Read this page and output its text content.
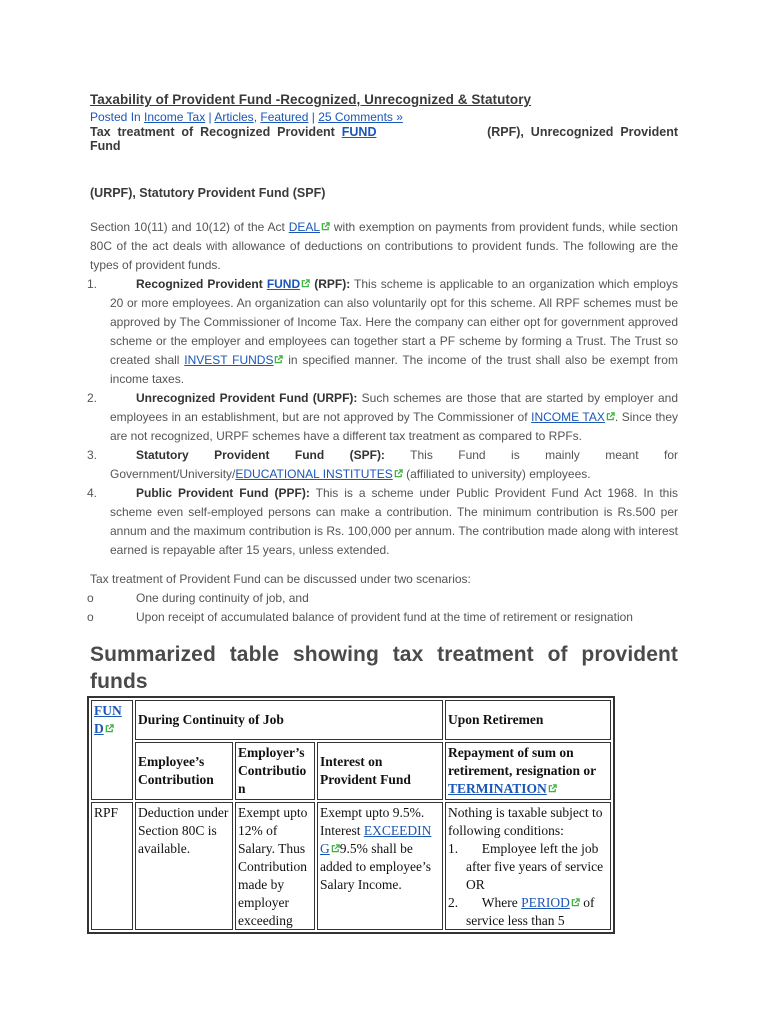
Taxability of Provident Fund -Recognized, Unrecognized & Statutory
Posted In Income Tax | Articles, Featured | 25 Comments »
Tax treatment of Recognized Provident FUND	(RPF), Unrecognized Provident Fund
(URPF), Statutory Provident Fund (SPF)
Section 10(11) and 10(12) of the Act DEAL with exemption on payments from provident funds, while section 80C of the act deals with allowance of deductions on contributions to provident funds. The following are the types of provident funds.
1.	Recognized Provident FUND (RPF): This scheme is applicable to an organization which employs 20 or more employees. An organization can also voluntarily opt for this scheme. All RPF schemes must be approved by The Commissioner of Income Tax. Here the company can either opt for government approved scheme or the employer and employees can together start a PF scheme by forming a Trust. The Trust so created shall INVEST FUNDS in specified manner. The income of the trust shall also be exempt from income taxes.
2.	Unrecognized Provident Fund (URPF): Such schemes are those that are started by employer and employees in an establishment, but are not approved by The Commissioner of INCOME TAX . Since they are not recognized, URPF schemes have a different tax treatment as compared to RPFs.
3.	Statutory Provident Fund (SPF): This Fund is mainly meant for Government/University/EDUCATIONAL INSTITUTES (affiliated to university) employees.
4.	Public Provident Fund (PPF): This is a scheme under Public Provident Fund Act 1968. In this scheme even self-employed persons can make a contribution. The minimum contribution is Rs.500 per annum and the maximum contribution is Rs. 100,000 per annum. The contribution made along with interest earned is repayable after 15 years, unless extended.
Tax treatment of Provident Fund can be discussed under two scenarios:
o	One during continuity of job, and
o	Upon receipt of accumulated balance of provident fund at the time of retirement or resignation
Summarized table showing tax treatment of provident funds
FUN
D	During Continuity of Job			Upon Retiremen
	Employee’s Contribution	Employer’s Contributio n	Interest on Provident Fund	Repayment of sum on retirement, resignation or TERMINATION

RPF	Deduction under Section 80C is available.	Exempt upto 12% of Salary. Thus Contribution made by employer exceeding	Exempt upto 9.5%. Interest EXCEEDIN G 9.5% shall be added to employee’s Salary Income.	Nothing is taxable subject to following conditions:
1. Employee left the job after five years of service OR
2. Where PERIOD of service less than 5
